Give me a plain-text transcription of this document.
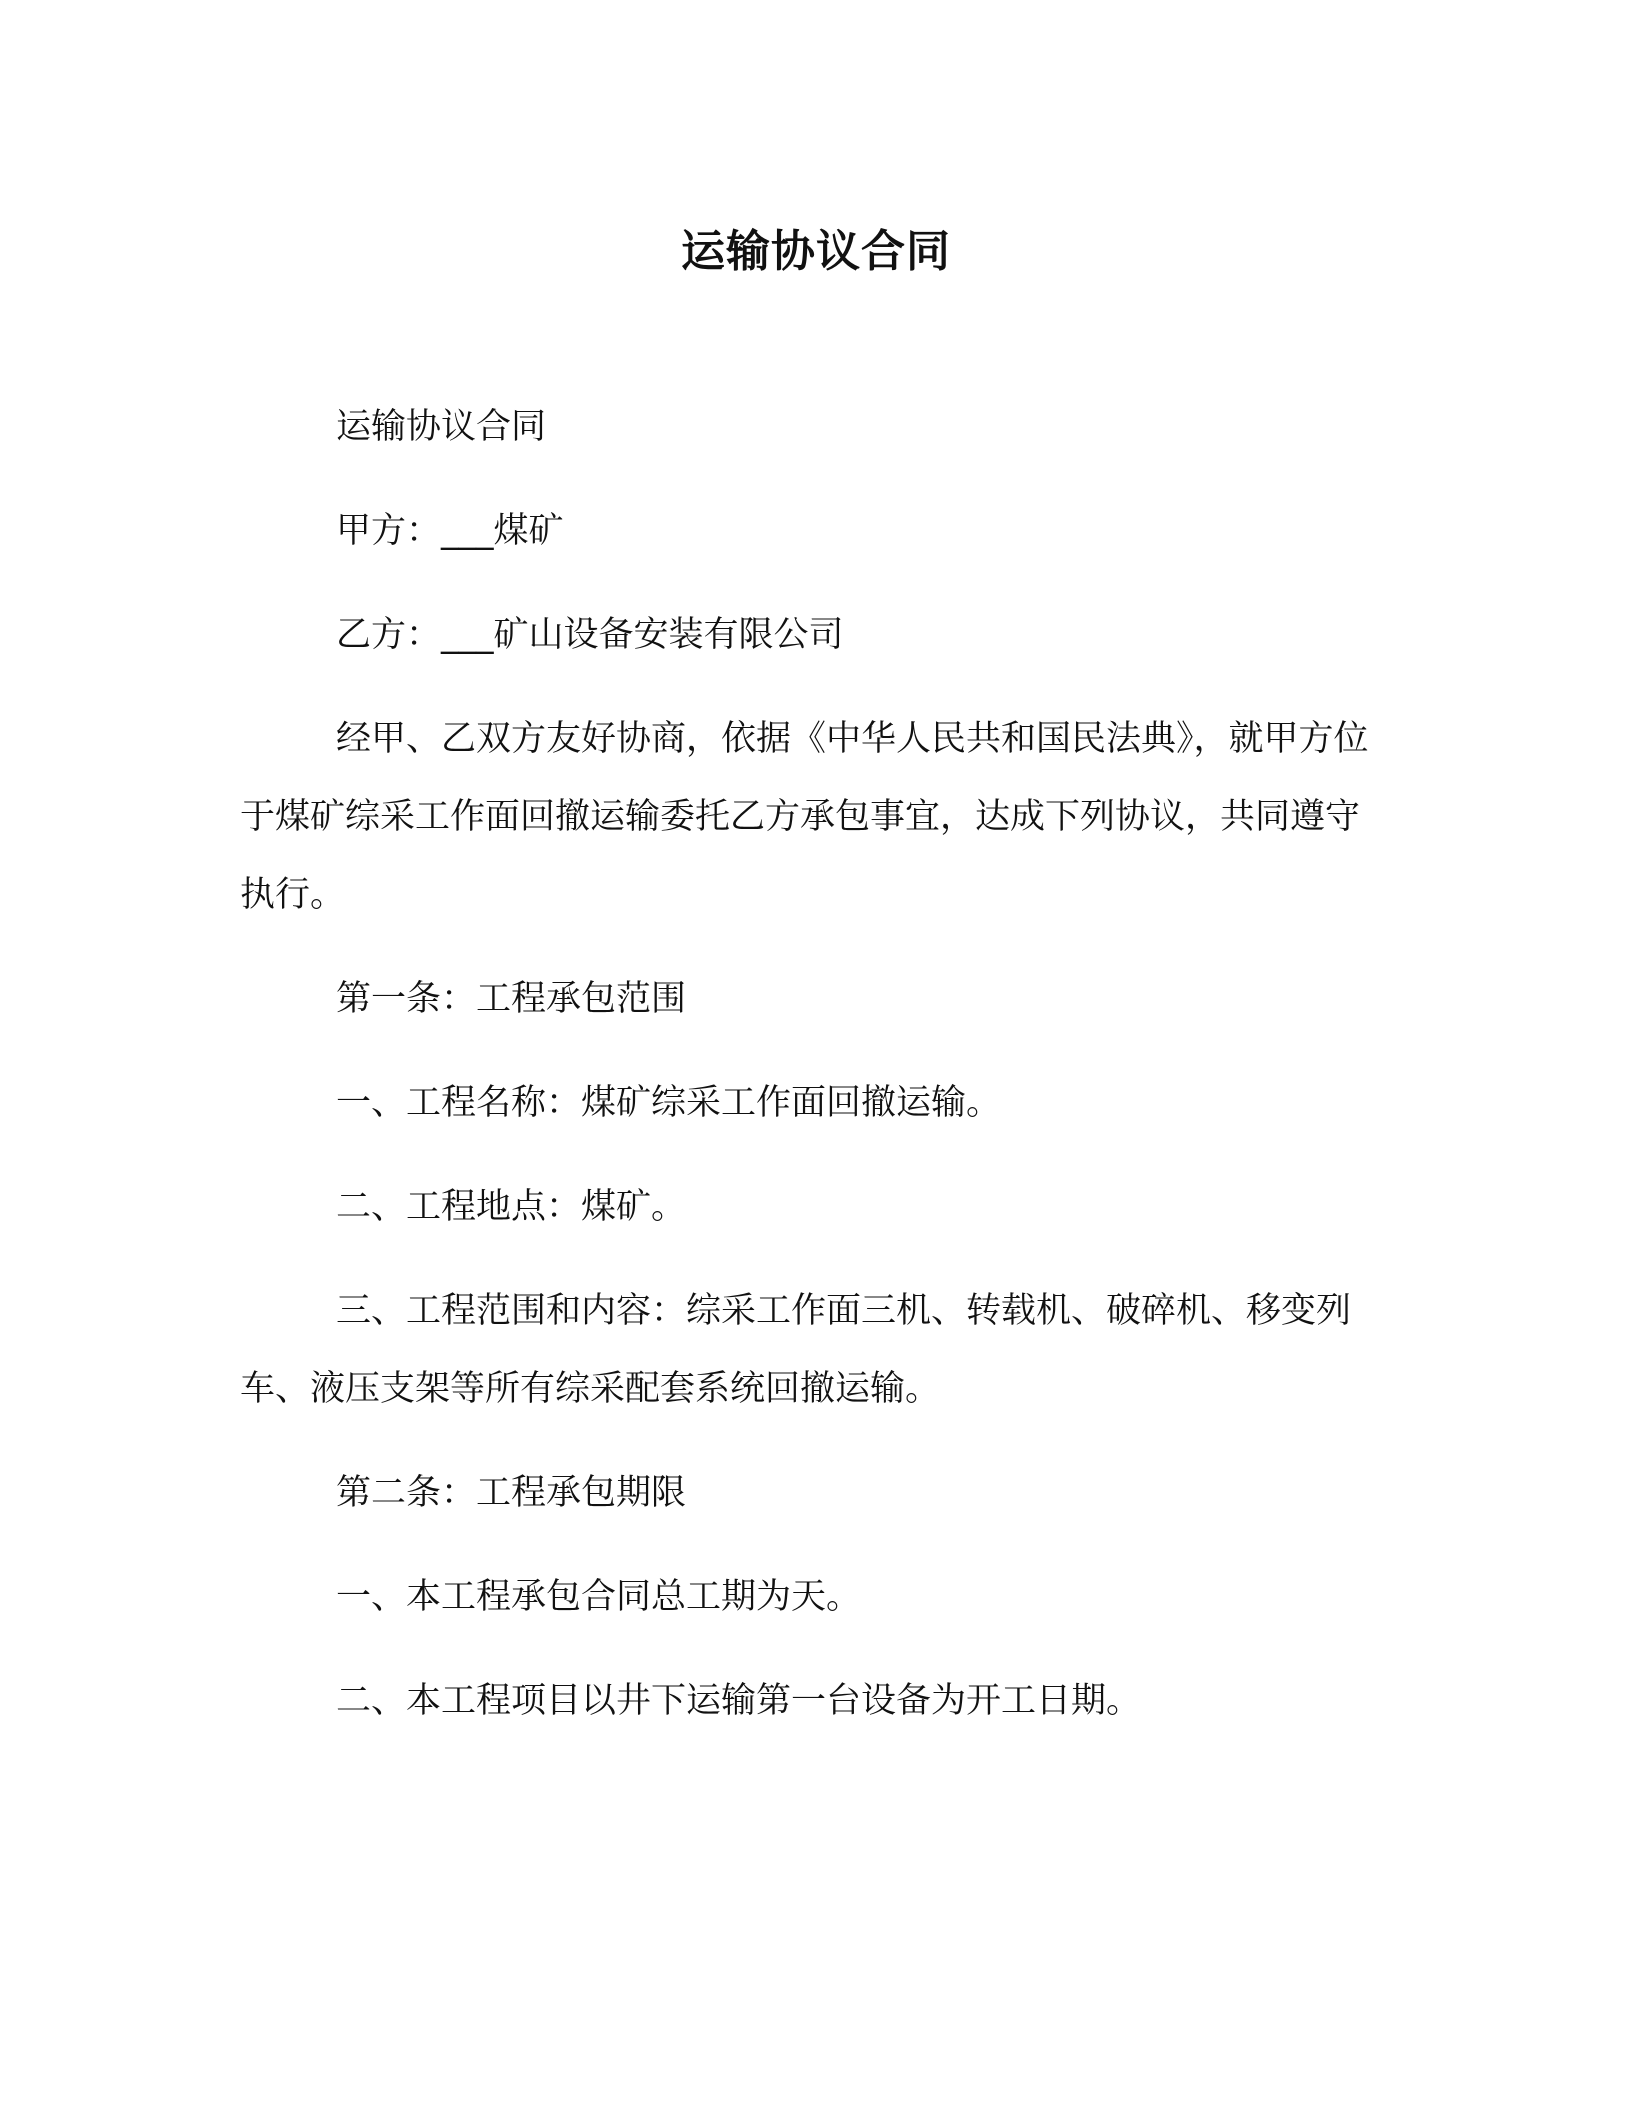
运输协议合同

运输协议合同

甲方：___煤矿

乙方：___矿山设备安装有限公司

经甲、乙双方友好协商，依据《中华人民共和国民法典》，就甲方位于煤矿综采工作面回撤运输委托乙方承包事宜，达成下列协议，共同遵守执行。

第一条：工程承包范围

一、工程名称：煤矿综采工作面回撤运输。

二、工程地点：煤矿。

三、工程范围和内容：综采工作面三机、转载机、破碎机、移变列车、液压支架等所有综采配套系统回撤运输。

第二条：工程承包期限

一、本工程承包合同总工期为天。

二、本工程项目以井下运输第一台设备为开工日期。
